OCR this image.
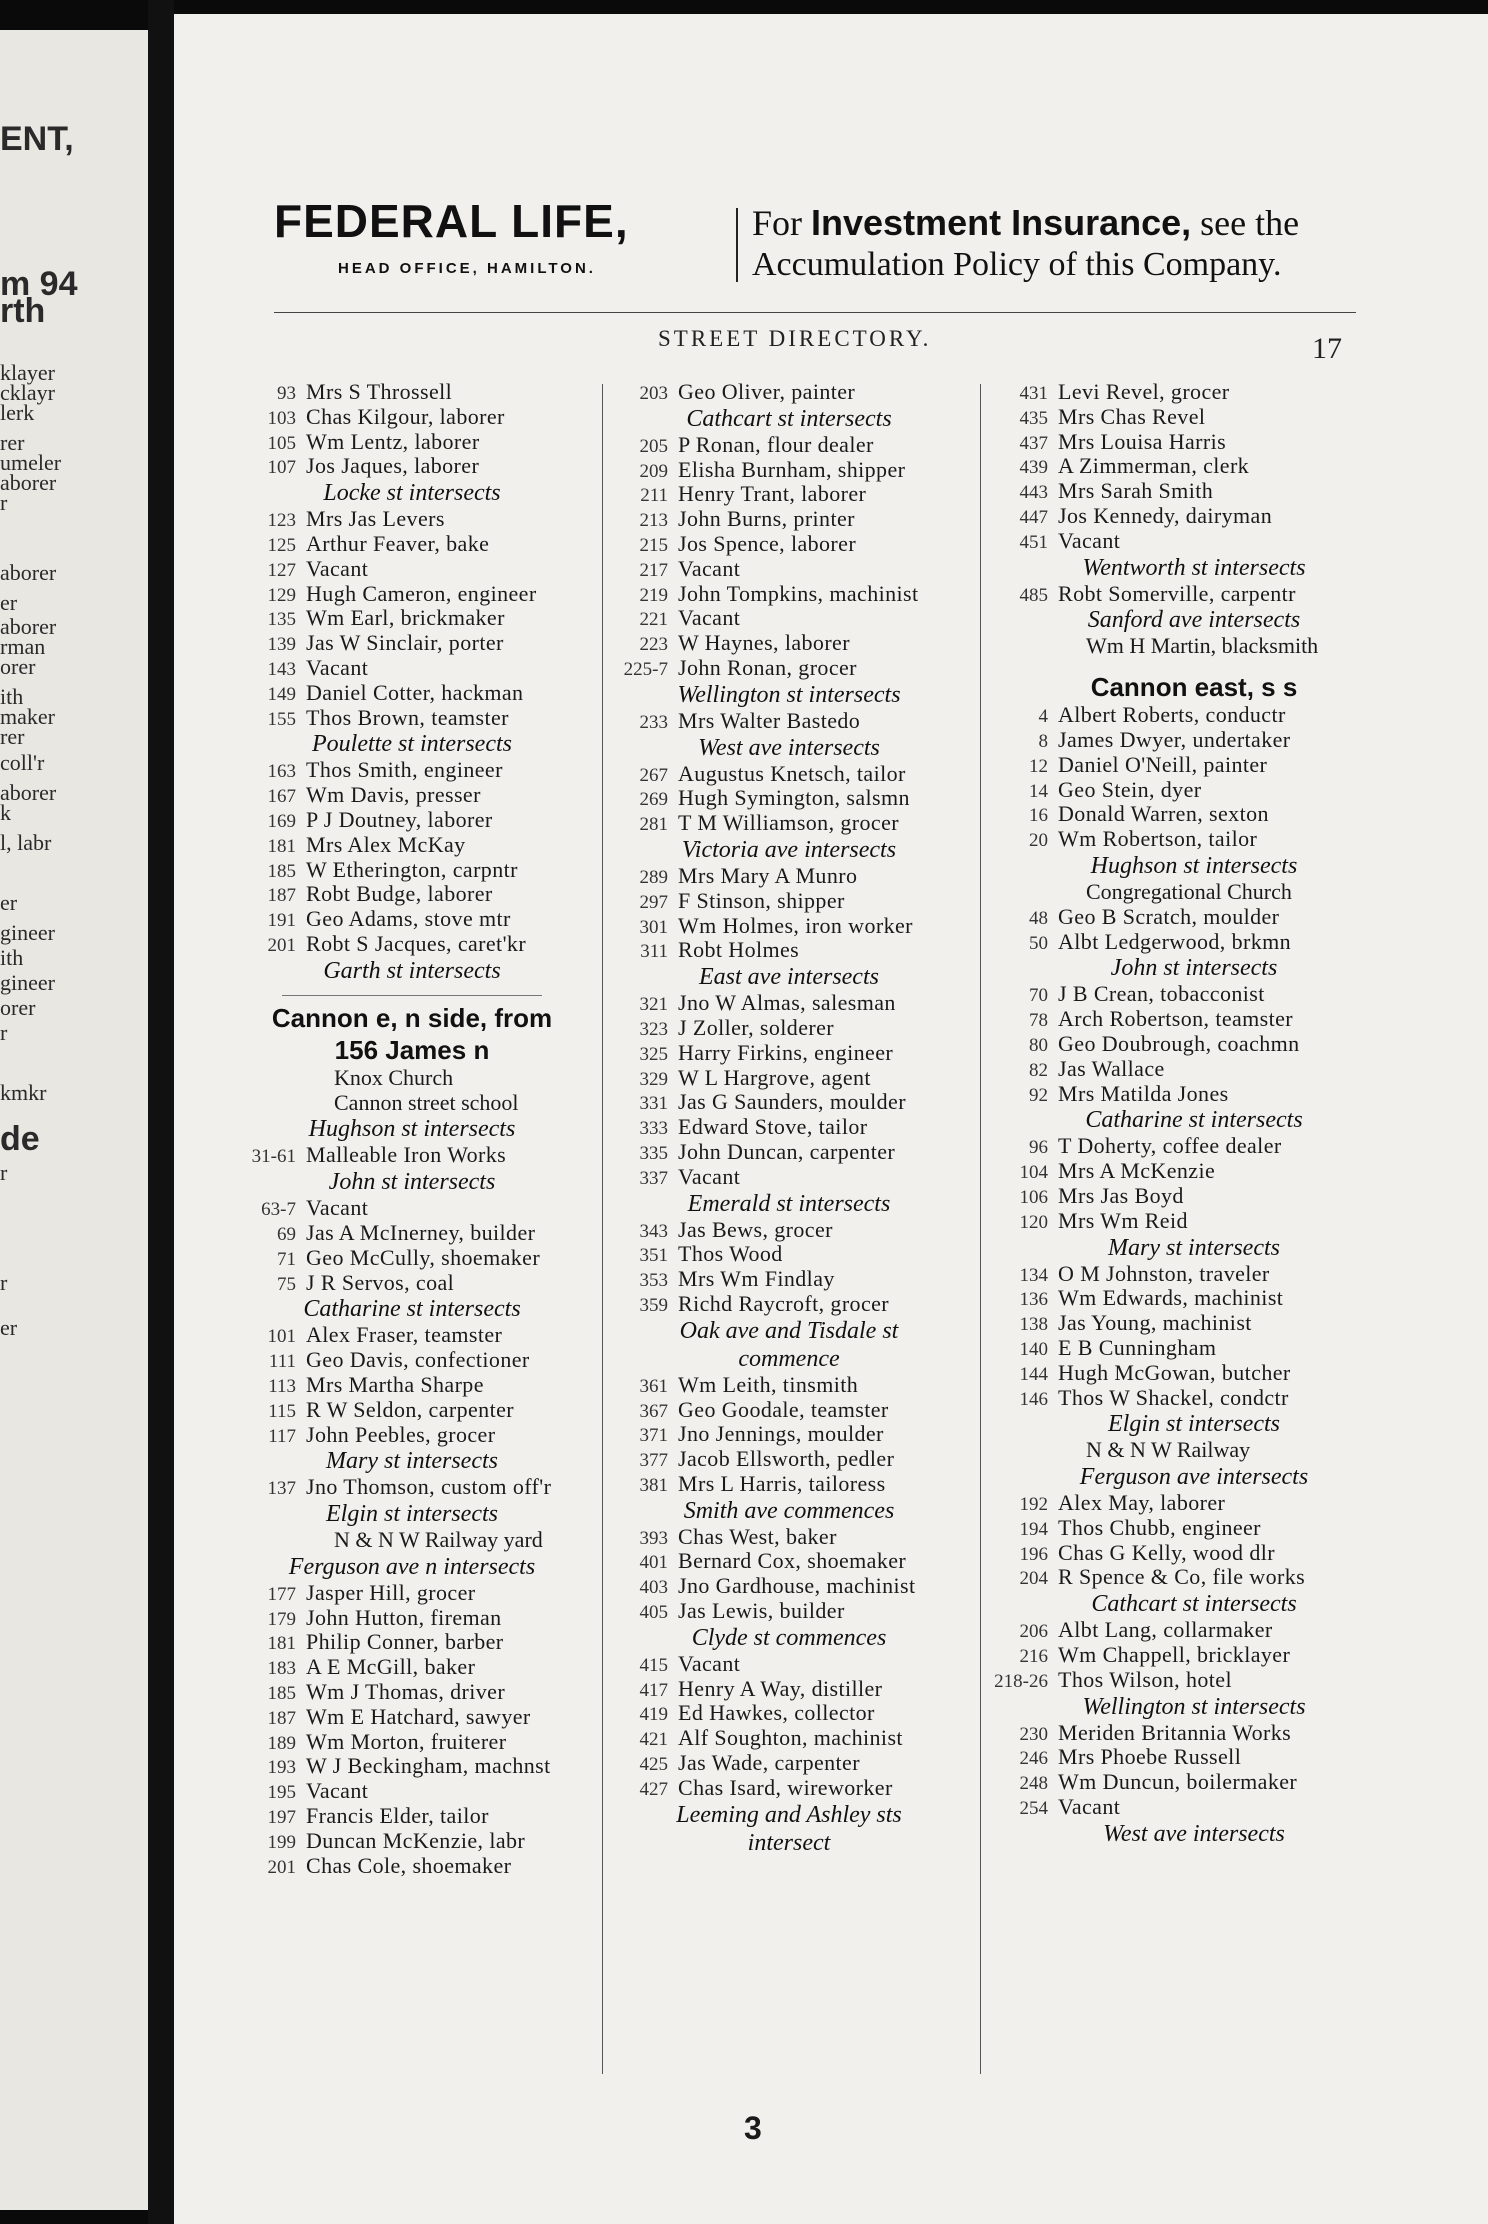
ENT,
m 94
rth
klayer
cklayr
lerk
rer
umeler
aborer
r
aborer
er
aborer
rman
orer
ith
maker
rer
coll'r
aborer
k
l, labr
er
gineer
ith
gineer
orer
r
kmkr
de
r
r
er
FEDERAL LIFE,
HEAD OFFICE, HAMILTON.
For Investment Insurance, see the
Accumulation Policy of this Company.
STREET DIRECTORY.	17
93 Mrs S Throssell
103 Chas Kilgour, laborer
105 Wm Lentz, laborer
107 Jos Jaques, laborer
Locke st intersects
123 Mrs Jas Levers
125 Arthur Feaver, bake
127 Vacant
129 Hugh Cameron, engineer
135 Wm Earl, brickmaker
139 Jas W Sinclair, porter
143 Vacant
149 Daniel Cotter, hackman
155 Thos Brown, teamster
Poulette st intersects
163 Thos Smith, engineer
167 Wm Davis, presser
169 P J Doutney, laborer
181 Mrs Alex McKay
185 W Etherington, carpntr
187 Robt Budge, laborer
191 Geo Adams, stove mtr
201 Robt S Jacques, caret'kr
Garth st intersects
Cannon e, n side, from
156 James n
Knox Church
Cannon street school
Hughson st intersects
31-61 Malleable Iron Works
John st intersects
63-7 Vacant
69 Jas A McInerney, builder
71 Geo McCully, shoemaker
75 J R Servos, coal
Catharine st intersects
101 Alex Fraser, teamster
111 Geo Davis, confectioner
113 Mrs Martha Sharpe
115 R W Seldon, carpenter
117 John Peebles, grocer
Mary st intersects
137 Jno Thomson, custom off'r
Elgin st intersects
N & N W Railway yard
Ferguson ave n intersects
177 Jasper Hill, grocer
179 John Hutton, fireman
181 Philip Conner, barber
183 A E McGill, baker
185 Wm J Thomas, driver
187 Wm E Hatchard, sawyer
189 Wm Morton, fruiterer
193 W J Beckingham, machnst
195 Vacant
197 Francis Elder, tailor
199 Duncan McKenzie, labr
201 Chas Cole, shoemaker
203 Geo Oliver, painter
Cathcart st intersects
205 P Ronan, flour dealer
209 Elisha Burnham, shipper
211 Henry Trant, laborer
213 John Burns, printer
215 Jos Spence, laborer
217 Vacant
219 John Tompkins, machinist
221 Vacant
223 W Haynes, laborer
225-7 John Ronan, grocer
Wellington st intersects
233 Mrs Walter Bastedo
West ave intersects
267 Augustus Knetsch, tailor
269 Hugh Symington, salsmn
281 T M Williamson, grocer
Victoria ave intersects
289 Mrs Mary A Munro
297 F Stinson, shipper
301 Wm Holmes, iron worker
311 Robt Holmes
East ave intersects
321 Jno W Almas, salesman
323 J Zoller, solderer
325 Harry Firkins, engineer
329 W L Hargrove, agent
331 Jas G Saunders, moulder
333 Edward Stove, tailor
335 John Duncan, carpenter
337 Vacant
Emerald st intersects
343 Jas Bews, grocer
351 Thos Wood
353 Mrs Wm Findlay
359 Richd Raycroft, grocer
Oak ave and Tisdale st
commence
361 Wm Leith, tinsmith
367 Geo Goodale, teamster
371 Jno Jennings, moulder
377 Jacob Ellsworth, pedler
381 Mrs L Harris, tailoress
Smith ave commences
393 Chas West, baker
401 Bernard Cox, shoemaker
403 Jno Gardhouse, machinist
405 Jas Lewis, builder
Clyde st commences
415 Vacant
417 Henry A Way, distiller
419 Ed Hawkes, collector
421 Alf Soughton, machinist
425 Jas Wade, carpenter
427 Chas Isard, wireworker
Leeming and Ashley sts
intersect
431 Levi Revel, grocer
435 Mrs Chas Revel
437 Mrs Louisa Harris
439 A Zimmerman, clerk
443 Mrs Sarah Smith
447 Jos Kennedy, dairyman
451 Vacant
Wentworth st intersects
485 Robt Somerville, carpentr
Sanford ave intersects
Wm H Martin, blacksmith
Cannon east, s s
4 Albert Roberts, conductr
8 James Dwyer, undertaker
12 Daniel O'Neill, painter
14 Geo Stein, dyer
16 Donald Warren, sexton
20 Wm Robertson, tailor
Hughson st intersects
Congregational Church
48 Geo B Scratch, moulder
50 Albt Ledgerwood, brkmn
John st intersects
70 J B Crean, tobacconist
78 Arch Robertson, teamster
80 Geo Doubrough, coachmn
82 Jas Wallace
92 Mrs Matilda Jones
Catharine st intersects
96 T Doherty, coffee dealer
104 Mrs A McKenzie
106 Mrs Jas Boyd
120 Mrs Wm Reid
Mary st intersects
134 O M Johnston, traveler
136 Wm Edwards, machinist
138 Jas Young, machinist
140 E B Cunningham
144 Hugh McGowan, butcher
146 Thos W Shackel, condctr
Elgin st intersects
N & N W Railway
Ferguson ave intersects
192 Alex May, laborer
194 Thos Chubb, engineer
196 Chas G Kelly, wood dlr
204 R Spence & Co, file works
Cathcart st intersects
206 Albt Lang, collarmaker
216 Wm Chappell, bricklayer
218-26 Thos Wilson, hotel
Wellington st intersects
230 Meriden Britannia Works
246 Mrs Phoebe Russell
248 Wm Duncun, boilermaker
254 Vacant
West ave intersects
3
